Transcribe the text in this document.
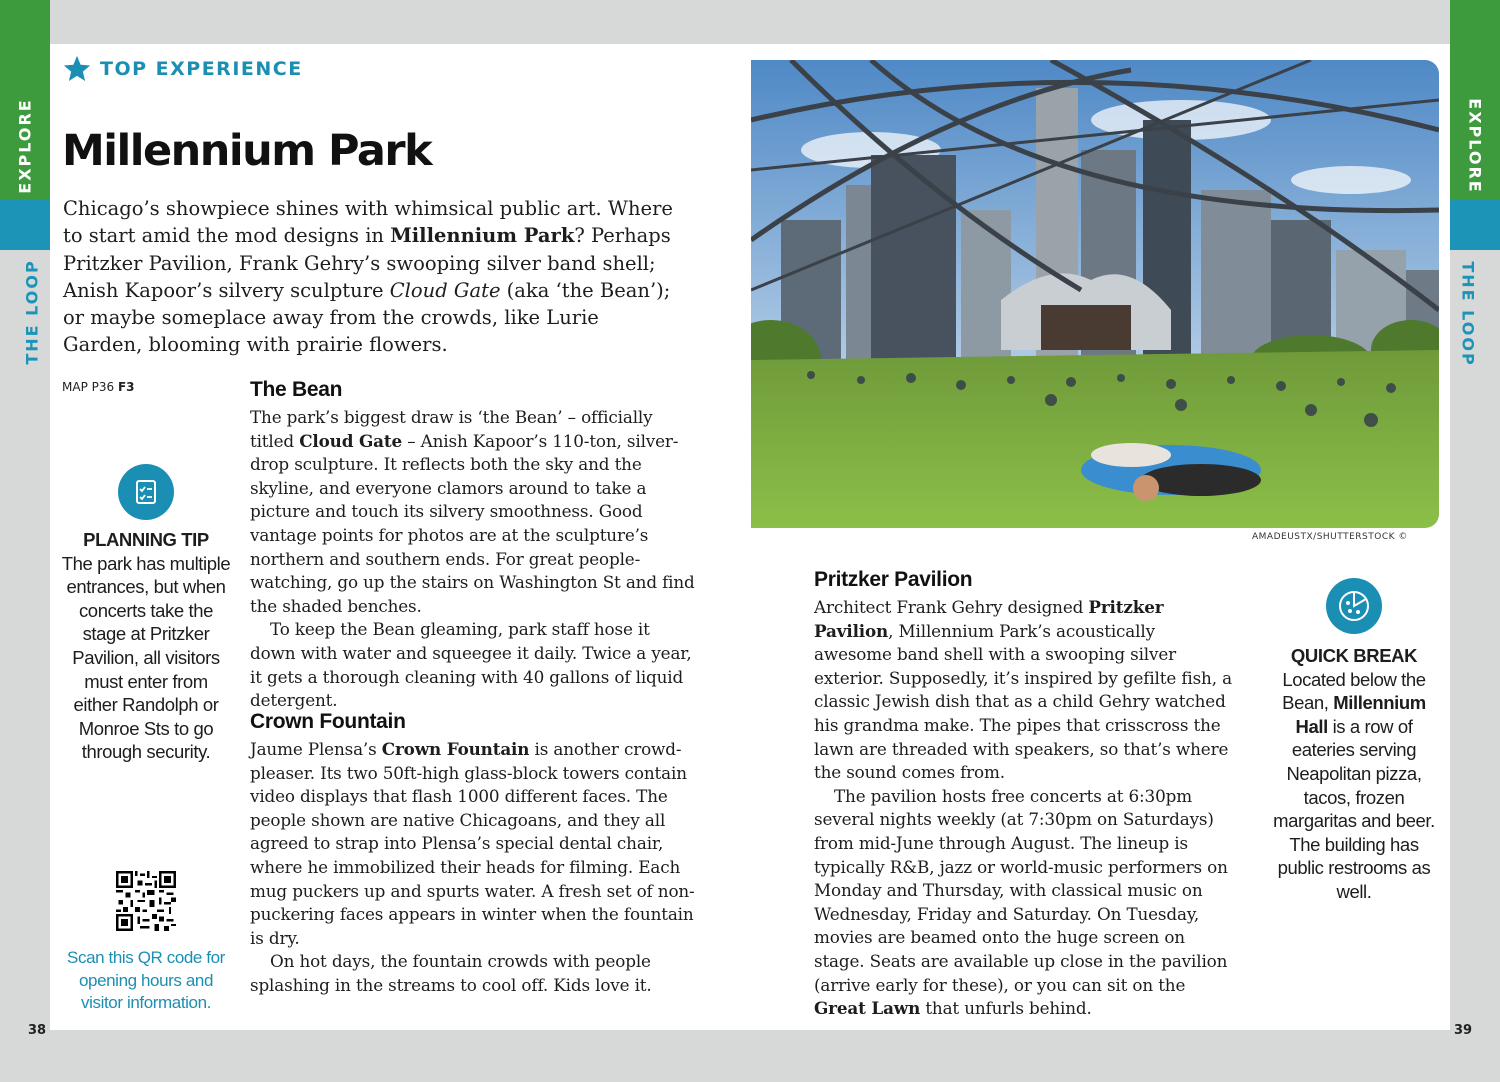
EXPLORE
THE LOOP
EXPLORE
THE LOOP
38	39
TOP EXPERIENCE
Millennium Park

Chicago’s showpiece shines with whimsical public art. Where to start amid the mod designs in Millennium Park? Perhaps Pritzker Pavilion, Frank Gehry’s swooping silver band shell; Anish Kapoor’s silvery sculpture Cloud Gate (aka ‘the Bean’); or maybe someplace away from the crowds, like Lurie Garden, blooming with prairie flowers.

MAP P36 F3
PLANNING TIP
The park has multiple entrances, but when concerts take the stage at Pritzker Pavilion, all visitors must enter from either Randolph or Monroe Sts to go through security.
Scan this QR code for opening hours and visitor information.
The Bean

The park’s biggest draw is ‘the Bean’ – officially titled Cloud Gate – Anish Kapoor’s 110-ton, silver-drop sculpture. It reflects both the sky and the skyline, and everyone clamors around to take a picture and touch its silvery smoothness. Good vantage points for photos are at the sculpture’s northern and southern ends. For great people-watching, go up the stairs on Washington St and find the shaded benches.

To keep the Bean gleaming, park staff hose it down with water and squeegee it daily. Twice a year, it gets a thorough cleaning with 40 gallons of liquid detergent.

Crown Fountain

Jaume Plensa’s Crown Fountain is another crowd-pleaser. Its two 50ft-high glass-block towers contain video displays that flash 1000 different faces. The people shown are native Chicagoans, and they all agreed to strap into Plensa’s special dental chair, where he immobilized their heads for filming. Each mug puckers up and spurts water. A fresh set of non-puckering faces appears in winter when the fountain is dry.

On hot days, the fountain crowds with people splashing in the streams to cool off. Kids love it.

AMADEUSTX/SHUTTERSTOCK ©
Pritzker Pavilion

Architect Frank Gehry designed Pritzker Pavilion, Millennium Park’s acoustically awesome band shell with a swooping silver exterior. Supposedly, it’s inspired by gefilte fish, a classic Jewish dish that as a child Gehry watched his grandma make. The pipes that crisscross the lawn are threaded with speakers, so that’s where the sound comes from.

The pavilion hosts free concerts at 6:30pm several nights weekly (at 7:30pm on Saturdays) from mid-June through August. The lineup is typically R&B, jazz or world-music performers on Monday and Thursday, with classical music on Wednesday, Friday and Saturday. On Tuesday, movies are beamed onto the huge screen on stage. Seats are available up close in the pavilion (arrive early for these), or you can sit on the Great Lawn that unfurls behind.

QUICK BREAK
Located below the Bean, Millennium Hall is a row of eateries serving Neapolitan pizza, tacos, frozen margaritas and beer. The building has public restrooms as well.
